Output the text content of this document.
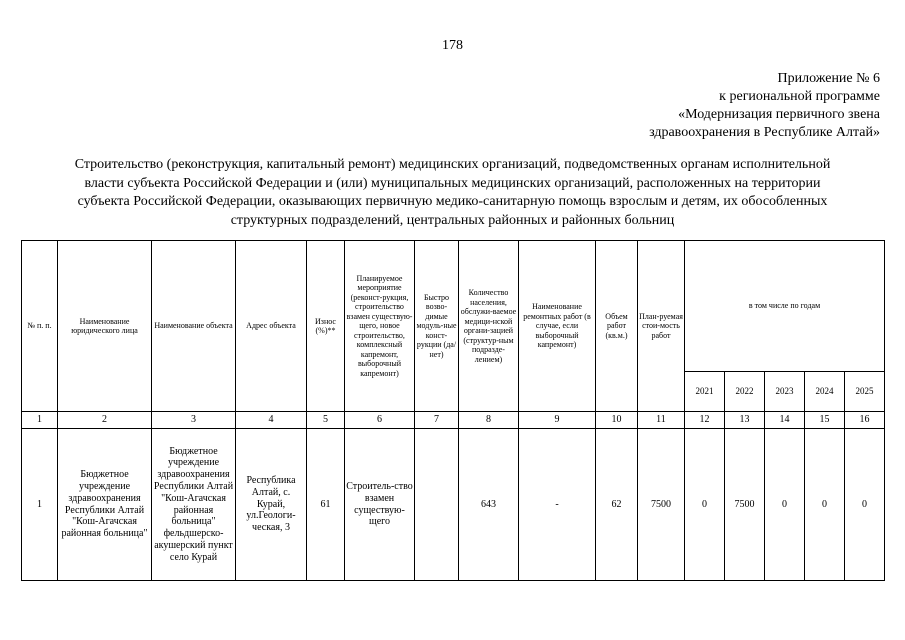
178
Приложение № 6
к региональной программе
«Модернизация первичного звена
здравоохранения в Республике Алтай»
Строительство (реконструкция, капитальный ремонт) медицинских организаций, подведомственных органам исполнительной
власти субъекта Российской Федерации и (или) муниципальных медицинских организаций, расположенных на территории
субъекта Российской Федерации, оказывающих первичную медико-санитарную помощь взрослым и детям, их обособленных
структурных подразделений, центральных районных и районных больниц
№ п. п.	Наименование юридического лица	Наименование объекта	Адрес объекта	Износ (%)**	Планируемое мероприятие (реконст-рукция, строительство взамен существую-щего, новое строительство, комплексный капремонт, выборочный капремонт)	Быстро возво-димые модуль-ные конст-рукции (да/нет)	Количество населения, обслужи-ваемое медици-нской органи-зацией (структур-ным подразде-лением)	Наименование ремонтных работ (в случае, если выборочный капремонт)	Объем работ (кв.м.)	План-руемая стои-мость работ	в том числе по годам				
											2021	2022	2023	2024	2025
1	2	3	4	5	6	7	8	9	10	11	12	13	14	15	16
1	Бюджетное учреждение здравоохранения Республики Алтай "Кош-Агачская районная больница"	Бюджетное учреждение здравоохранения Республики Алтай "Кош-Агачская районная больница" фельдшерско-акушерский пункт село Курай	Республика Алтай, с. Курай, ул.Геологи-ческая, 3	61	Строитель-ство взамен существую-щего		643	-	62	7500	0	7500	0	0	0
